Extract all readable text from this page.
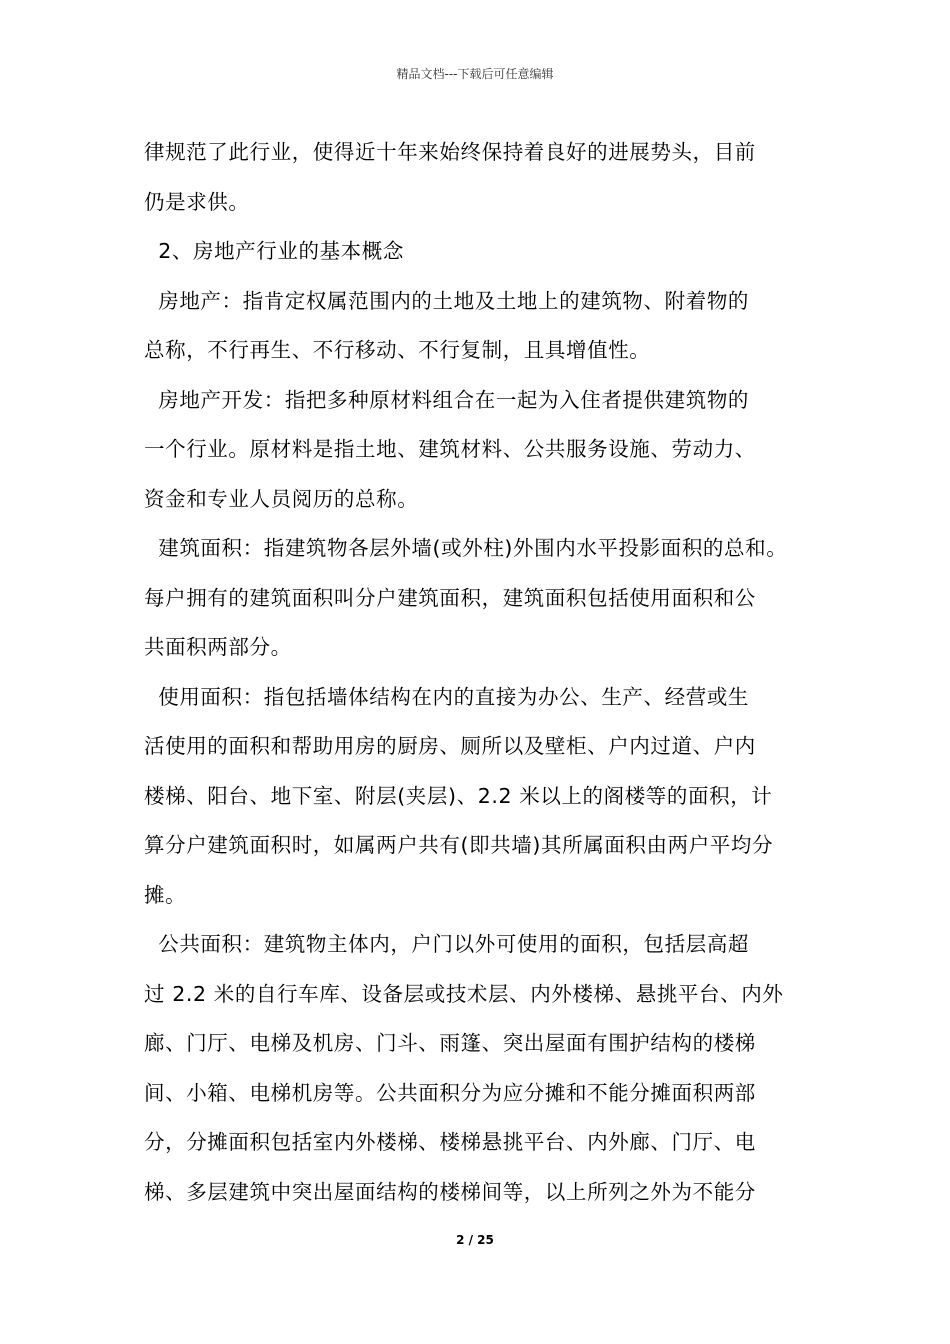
精品文档---下载后可任意编辑
律规范了此行业，使得近十年来始终保持着良好的进展势头，目前
仍是求供。
2、房地产行业的基本概念
房地产：指肯定权属范围内的土地及土地上的建筑物、附着物的
总称，不行再生、不行移动、不行复制，且具增值性。
房地产开发：指把多种原材料组合在一起为入住者提供建筑物的
一个行业。原材料是指土地、建筑材料、公共服务设施、劳动力、
资金和专业人员阅历的总称。
建筑面积：指建筑物各层外墙(或外柱)外围内水平投影面积的总和。
每户拥有的建筑面积叫分户建筑面积，建筑面积包括使用面积和公
共面积两部分。
使用面积：指包括墙体结构在内的直接为办公、生产、经营或生
活使用的面积和帮助用房的厨房、厕所以及壁柜、户内过道、户内
楼梯、阳台、地下室、附层(夹层)、2.2 米以上的阁楼等的面积，计
算分户建筑面积时，如属两户共有(即共墙)其所属面积由两户平均分
摊。
公共面积：建筑物主体内，户门以外可使用的面积，包括层高超
过 2.2 米的自行车库、设备层或技术层、内外楼梯、悬挑平台、内外
廊、门厅、电梯及机房、门斗、雨篷、突出屋面有围护结构的楼梯
间、小箱、电梯机房等。公共面积分为应分摊和不能分摊面积两部
分，分摊面积包括室内外楼梯、楼梯悬挑平台、内外廊、门厅、电
梯、多层建筑中突出屋面结构的楼梯间等，以上所列之外为不能分
2 / 25
